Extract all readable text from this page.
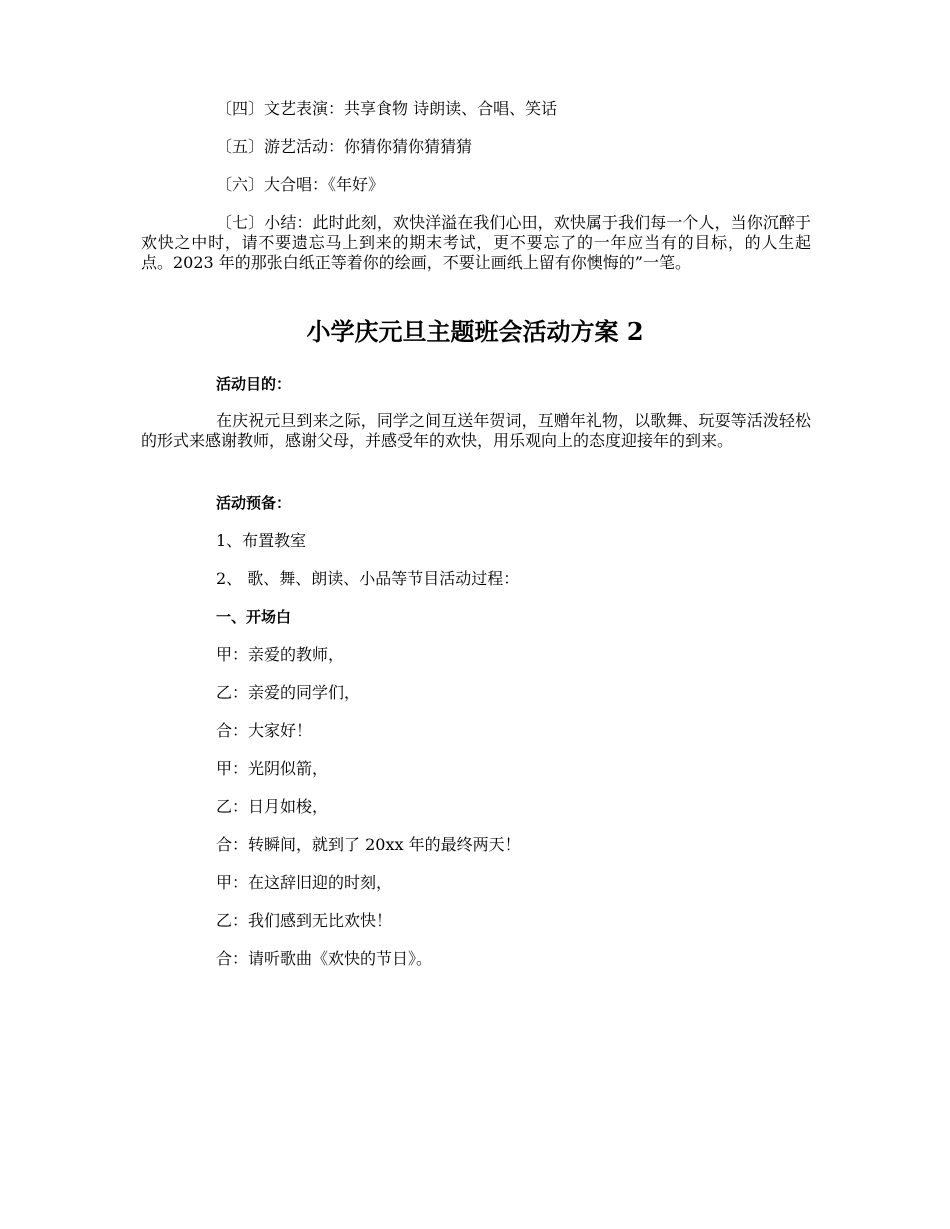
〔四〕文艺表演：共享食物 诗朗读、合唱、笑话
〔五〕游艺活动：你猜你猜你猜猜猜
〔六〕大合唱：《年好》
〔七〕小结：此时此刻，欢快洋溢在我们心田，欢快属于我们每一个人，当你沉醉于欢快之中时，请不要遗忘马上到来的期末考试，更不要忘了的一年应当有的目标，的人生起点。2023 年的那张白纸正等着你的绘画，不要让画纸上留有你懊悔的”一笔。
小学庆元旦主题班会活动方案 2
活动目的：
在庆祝元旦到来之际，同学之间互送年贺词，互赠年礼物，以歌舞、玩耍等活泼轻松的形式来感谢教师，感谢父母，并感受年的欢快，用乐观向上的态度迎接年的到来。
活动预备：
1、布置教室
2、 歌、舞、朗读、小品等节目活动过程：
一、开场白
甲：亲爱的教师，
乙：亲爱的同学们，
合：大家好！
甲：光阴似箭，
乙：日月如梭，
合：转瞬间，就到了 20xx 年的最终两天！
甲：在这辞旧迎的时刻，
乙：我们感到无比欢快！
合：请听歌曲《欢快的节日》。
